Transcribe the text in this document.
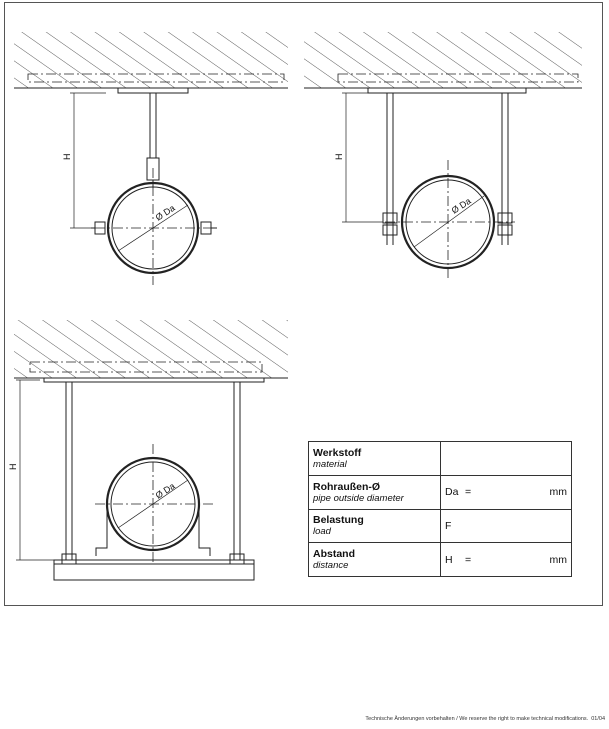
Ø Da
H
Ø Da
H
Ø Da
H
Werkstoff
material	

Rohraußen-Ø
pipe outside diameter	Da = mm

Belastung
load	F

Abstand
distance	H = mm
Technische Änderungen vorbehalten / We reserve the right to make technical modifications. 01/04
